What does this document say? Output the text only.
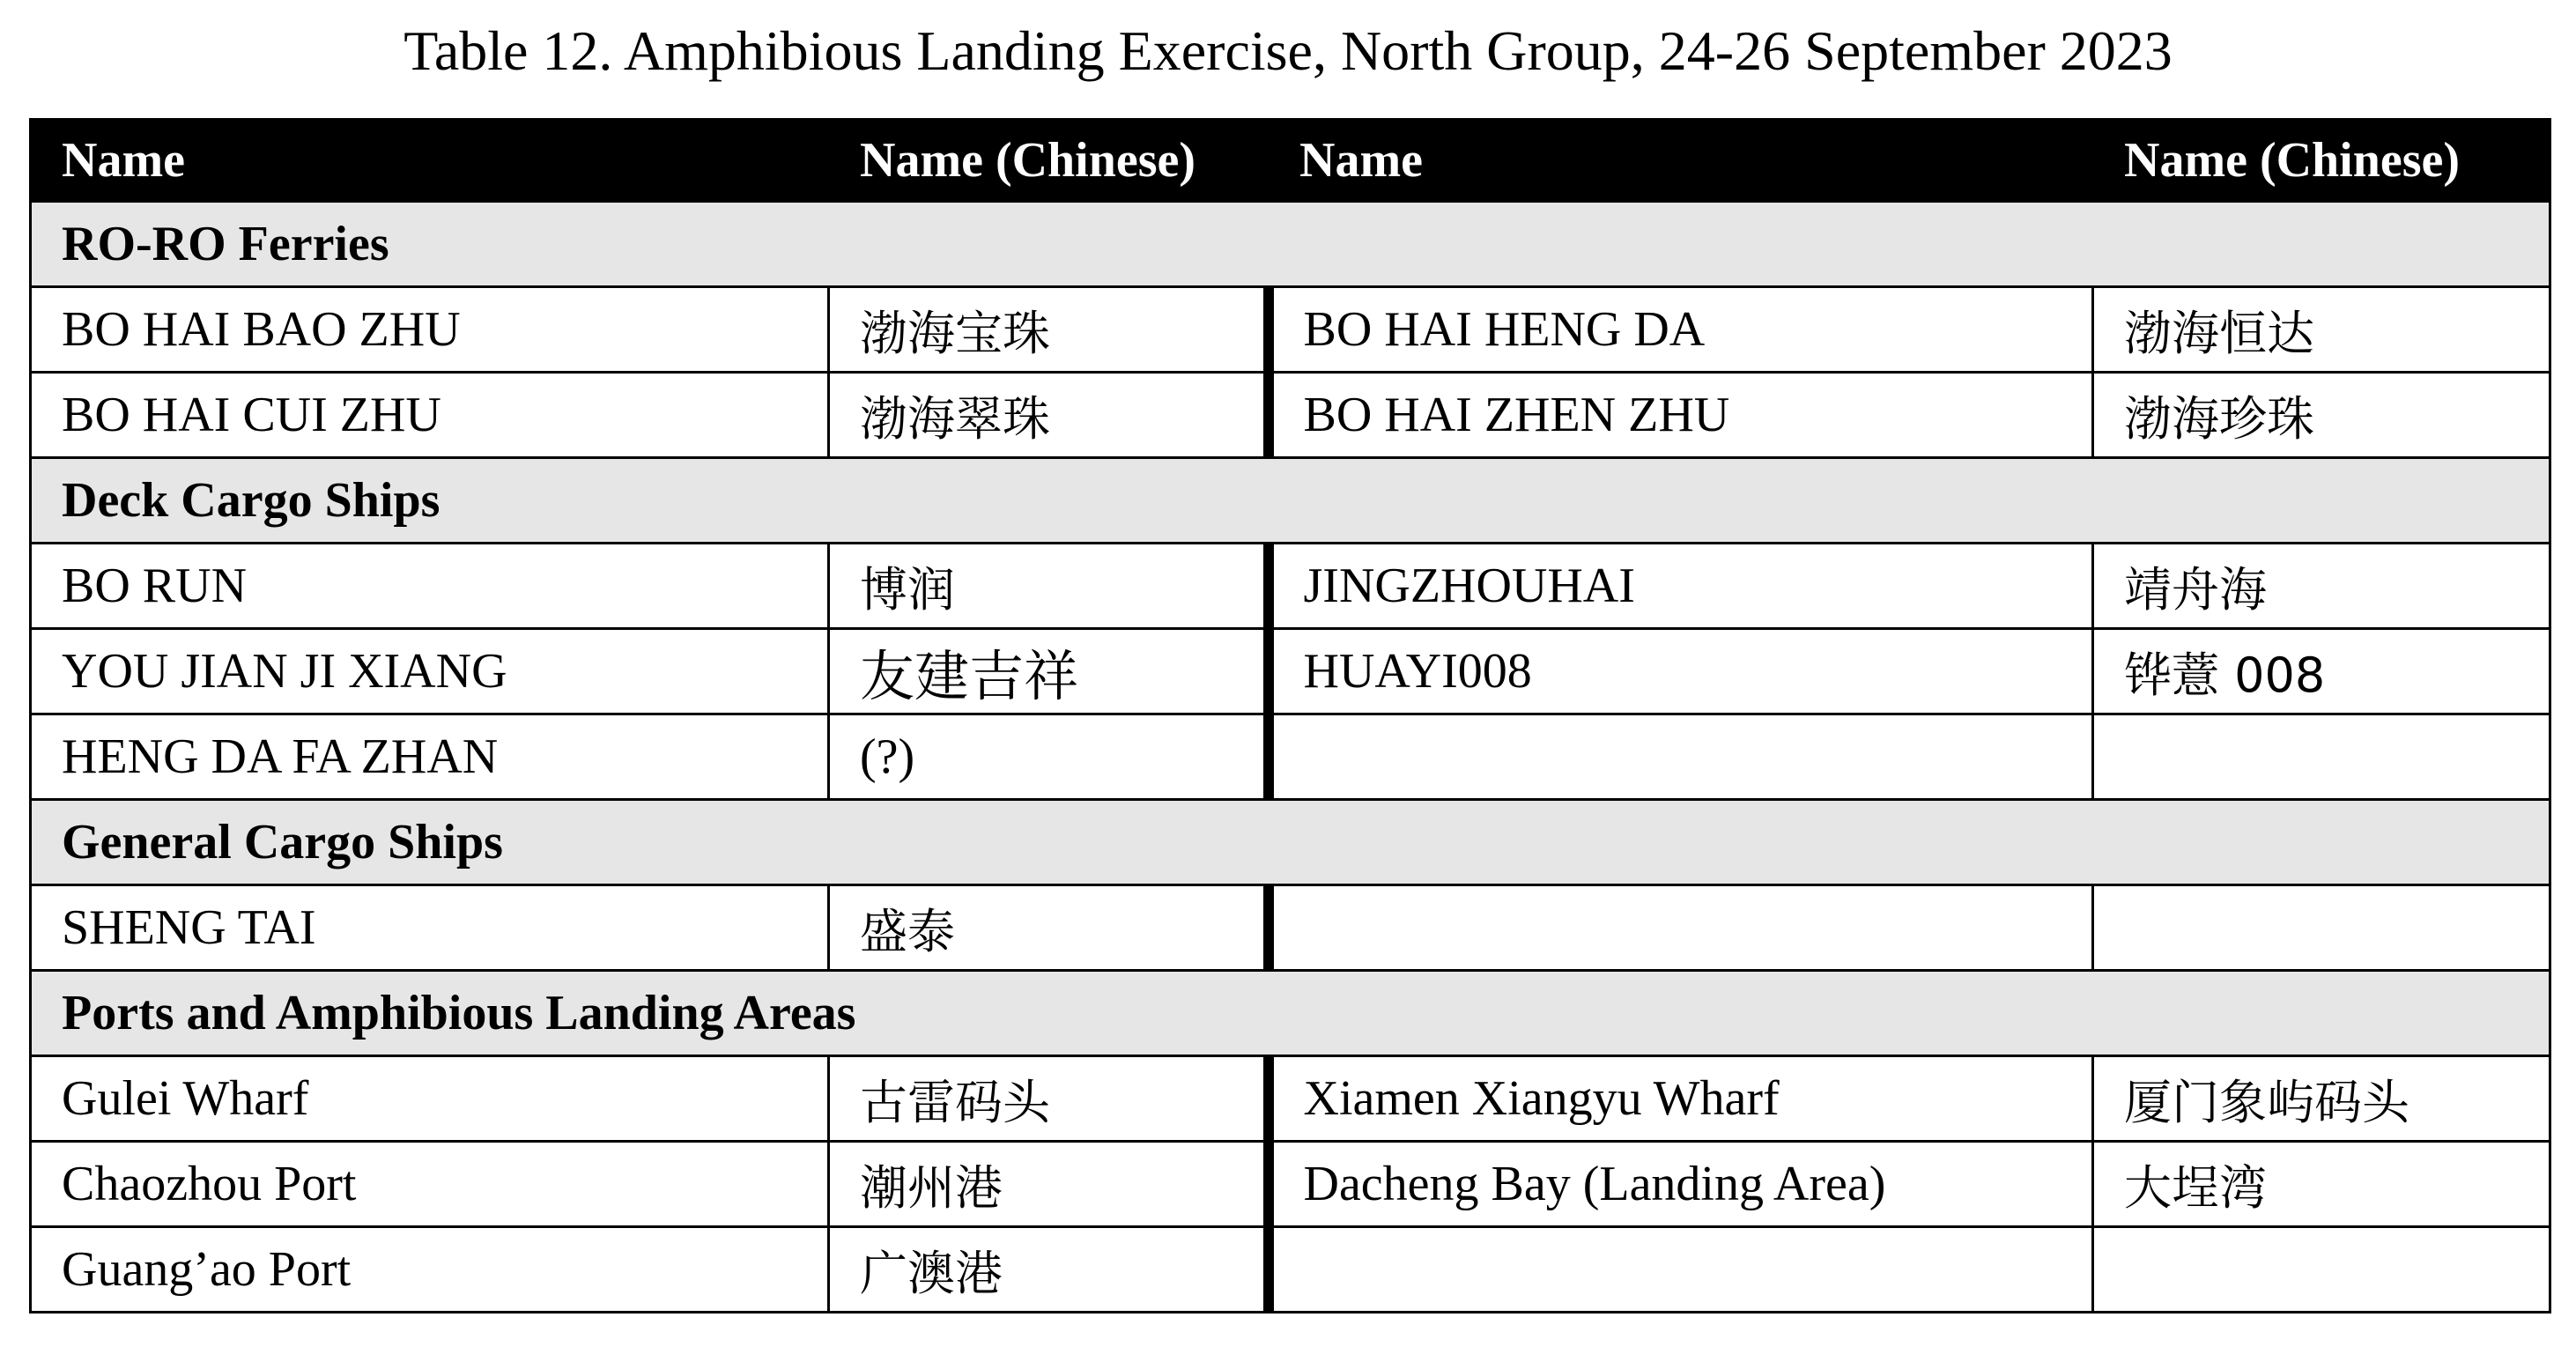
Table 12. Amphibious Landing Exercise, North Group, 24-26 September 2023
Name	Name (Chinese)	Name	Name (Chinese)
RO-RO Ferries			
BO HAI BAO ZHU	渤海宝珠	BO HAI HENG DA	渤海恒达
BO HAI CUI ZHU	渤海翠珠	BO HAI ZHEN ZHU	渤海珍珠
Deck Cargo Ships			
BO RUN	博润	JINGZHOUHAI	靖舟海
YOU JIAN JI XIANG	友建吉祥	HUAYI008	铧薏 008
HENG DA FA ZHAN	(?)		
General Cargo Ships			
SHENG TAI	盛泰		
Ports and Amphibious Landing Areas			
Gulei Wharf	古雷码头	Xiamen Xiangyu Wharf	厦门象屿码头
Chaozhou Port	潮州港	Dacheng Bay (Landing Area)	大埕湾
Guang’ao Port	广澳港		
